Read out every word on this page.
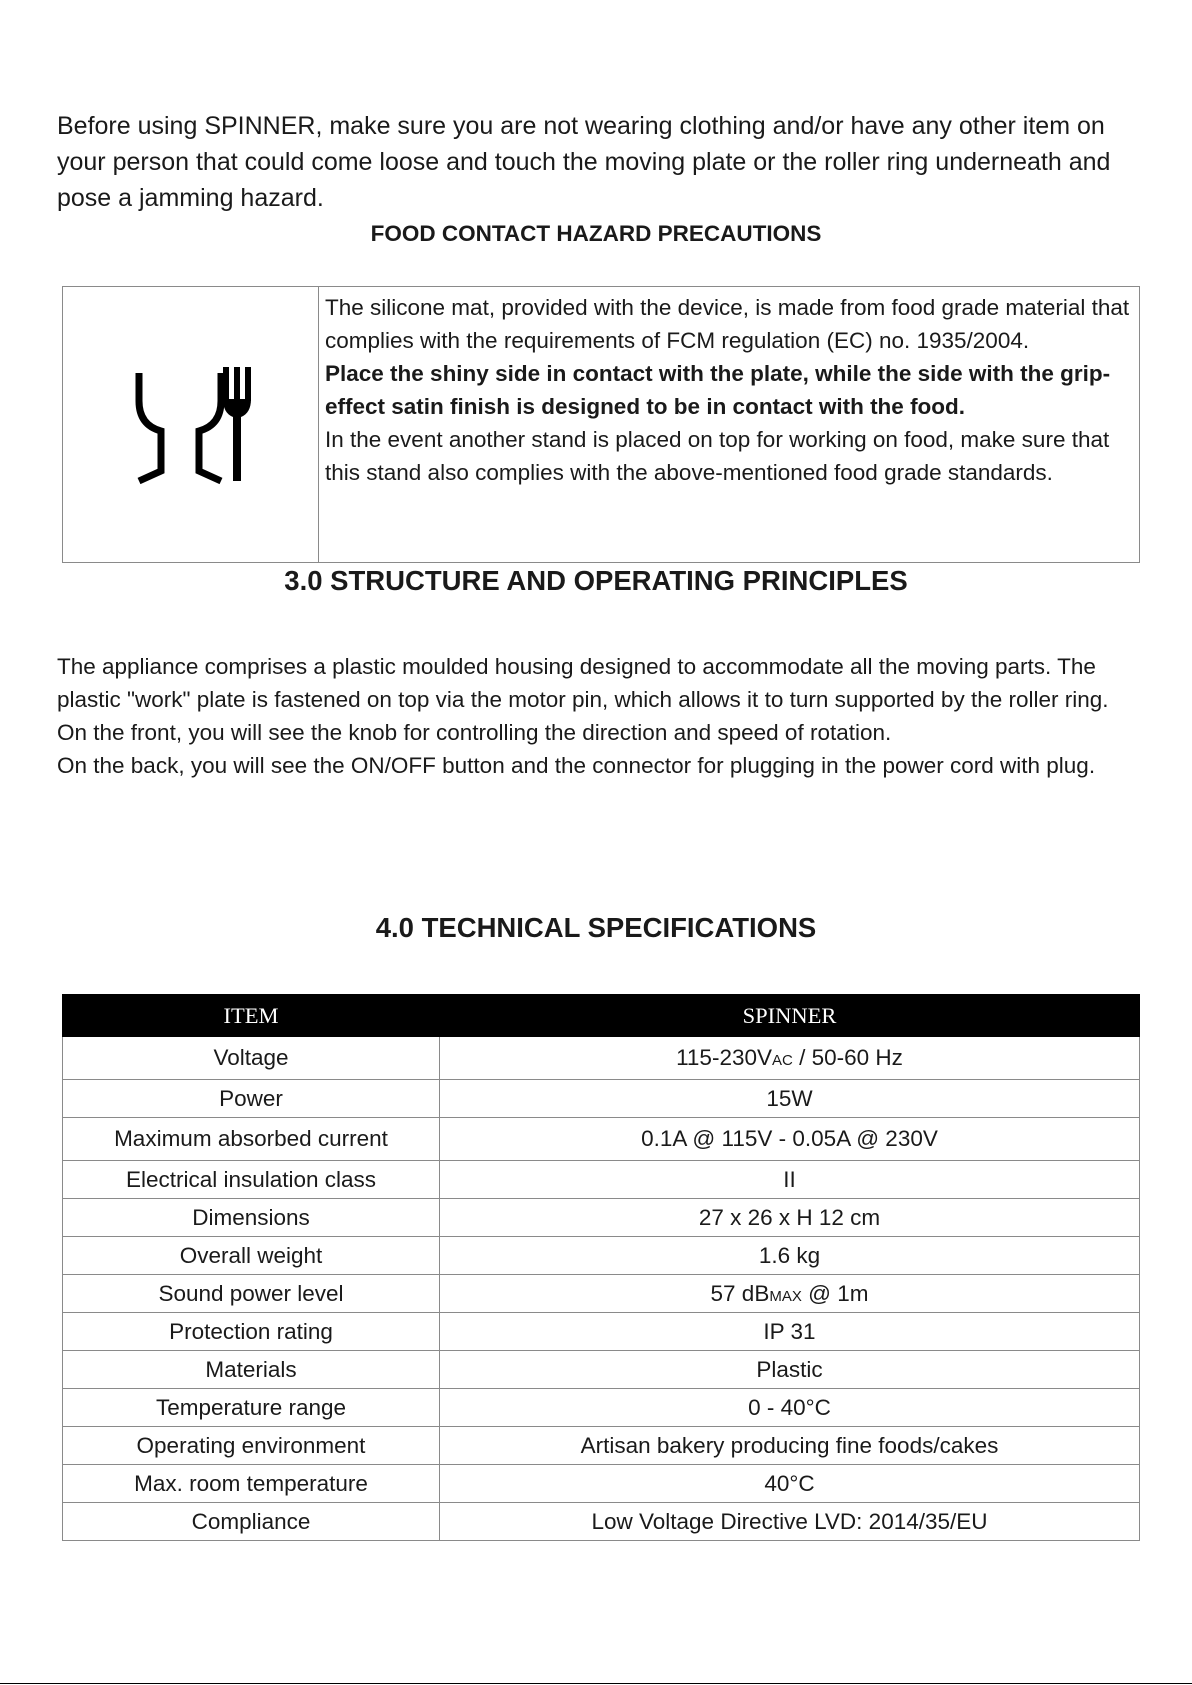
Before using SPINNER, make sure you are not wearing clothing and/or have any other item on your person that could come loose and touch the moving plate or the roller ring underneath and pose a jamming hazard.

FOOD CONTACT HAZARD PRECAUTIONS

The silicone mat, provided with the device, is made from food grade material that complies with the requirements of FCM regulation (EC) no. 1935/2004.

Place the shiny side in contact with the plate, while the side with the grip-effect satin finish is designed to be in contact with the food.

In the event another stand is placed on top for working on food, make sure that this stand also complies with the above-mentioned food grade standards.

3.0 STRUCTURE AND OPERATING PRINCIPLES

The appliance comprises a plastic moulded housing designed to accommodate all the moving parts. The plastic "work" plate is fastened on top via the motor pin, which allows it to turn supported by the roller ring.

On the front, you will see the knob for controlling the direction and speed of rotation.

On the back, you will see the ON/OFF button and the connector for plugging in the power cord with plug.

4.0 TECHNICAL SPECIFICATIONS
ITEM	SPINNER
Voltage	115-230VAC / 50-60 Hz
Power	15W
Maximum absorbed current	0.1A @ 115V - 0.05A @ 230V
Electrical insulation class	II
Dimensions	27 x 26 x H 12 cm
Overall weight	1.6 kg
Sound power level	57 dBMAX @ 1m
Protection rating	IP 31
Materials	Plastic
Temperature range	0 - 40°C
Operating environment	Artisan bakery producing fine foods/cakes
Max. room temperature	40°C
Compliance	Low Voltage Directive LVD: 2014/35/EU
